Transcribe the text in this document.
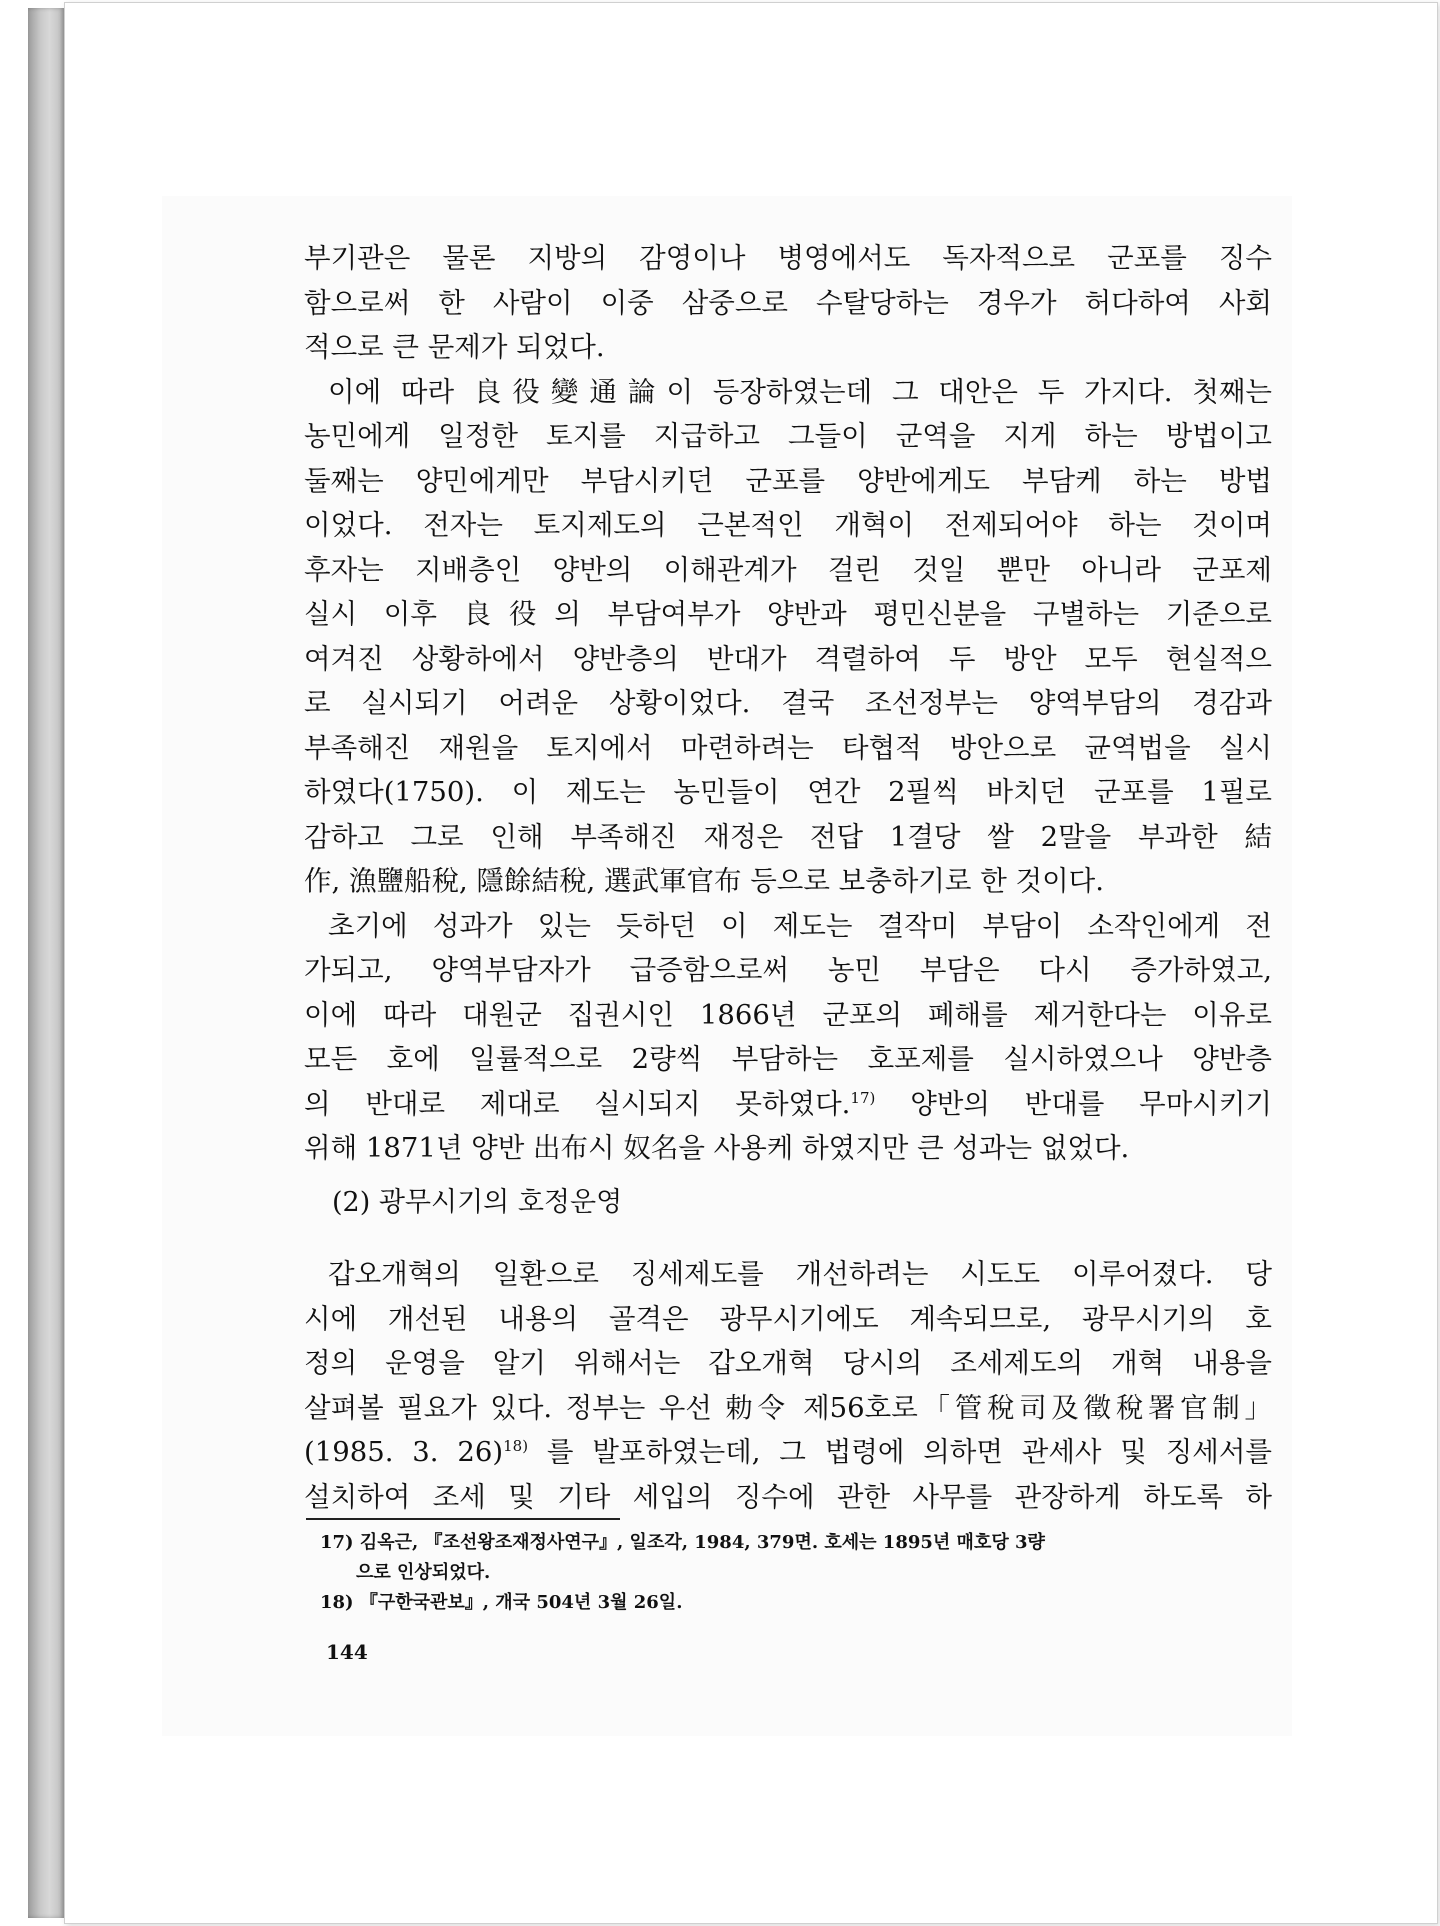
부기관은 물론 지방의 감영이나 병영에서도 독자적으로 군포를 징수
함으로써 한 사람이 이중 삼중으로 수탈당하는 경우가 허다하여 사회
적으로 큰 문제가 되었다.

이에 따라 良役變通論이 등장하였는데 그 대안은 두 가지다. 첫째는
농민에게 일정한 토지를 지급하고 그들이 군역을 지게 하는 방법이고
둘째는 양민에게만 부담시키던 군포를 양반에게도 부담케 하는 방법
이었다. 전자는 토지제도의 근본적인 개혁이 전제되어야 하는 것이며
후자는 지배층인 양반의 이해관계가 걸린 것일 뿐만 아니라 군포제
실시 이후 良役의 부담여부가 양반과 평민신분을 구별하는 기준으로
여겨진 상황하에서 양반층의 반대가 격렬하여 두 방안 모두 현실적으
로 실시되기 어려운 상황이었다. 결국 조선정부는 양역부담의 경감과
부족해진 재원을 토지에서 마련하려는 타협적 방안으로 균역법을 실시
하였다(1750). 이 제도는 농민들이 연간 2필씩 바치던 군포를 1필로
감하고 그로 인해 부족해진 재정은 전답 1결당 쌀 2말을 부과한 結
作, 漁鹽船稅, 隱餘結稅, 選武軍官布 등으로 보충하기로 한 것이다.

초기에 성과가 있는 듯하던 이 제도는 결작미 부담이 소작인에게 전
가되고, 양역부담자가 급증함으로써 농민 부담은 다시 증가하였고,
이에 따라 대원군 집권시인 1866년 군포의 폐해를 제거한다는 이유로
모든 호에 일률적으로 2량씩 부담하는 호포제를 실시하였으나 양반층
의 반대로 제대로 실시되지 못하였다.$^{17)}$ 양반의 반대를 무마시키기
위해 1871년 양반 出布시 奴名을 사용케 하였지만 큰 성과는 없었다.

(2) 광무시기의 호정운영

갑오개혁의 일환으로 징세제도를 개선하려는 시도도 이루어졌다. 당
시에 개선된 내용의 골격은 광무시기에도 계속되므로, 광무시기의 호
정의 운영을 알기 위해서는 갑오개혁 당시의 조세제도의 개혁 내용을
살펴볼 필요가 있다. 정부는 우선 勅令 제56호로「管稅司及徵稅署官制」
(1985. 3. 26)$^{18)}$ 를 발포하였는데, 그 법령에 의하면 관세사 및 징세서를
설치하여 조세 및 기타 세입의 징수에 관한 사무를 관장하게 하도록 하

17) 김옥근, 『조선왕조재정사연구』, 일조각, 1984, 379면. 호세는 1895년 매호당 3량
으로 인상되었다.
18) 『구한국관보』, 개국 504년 3월 26일.
144
